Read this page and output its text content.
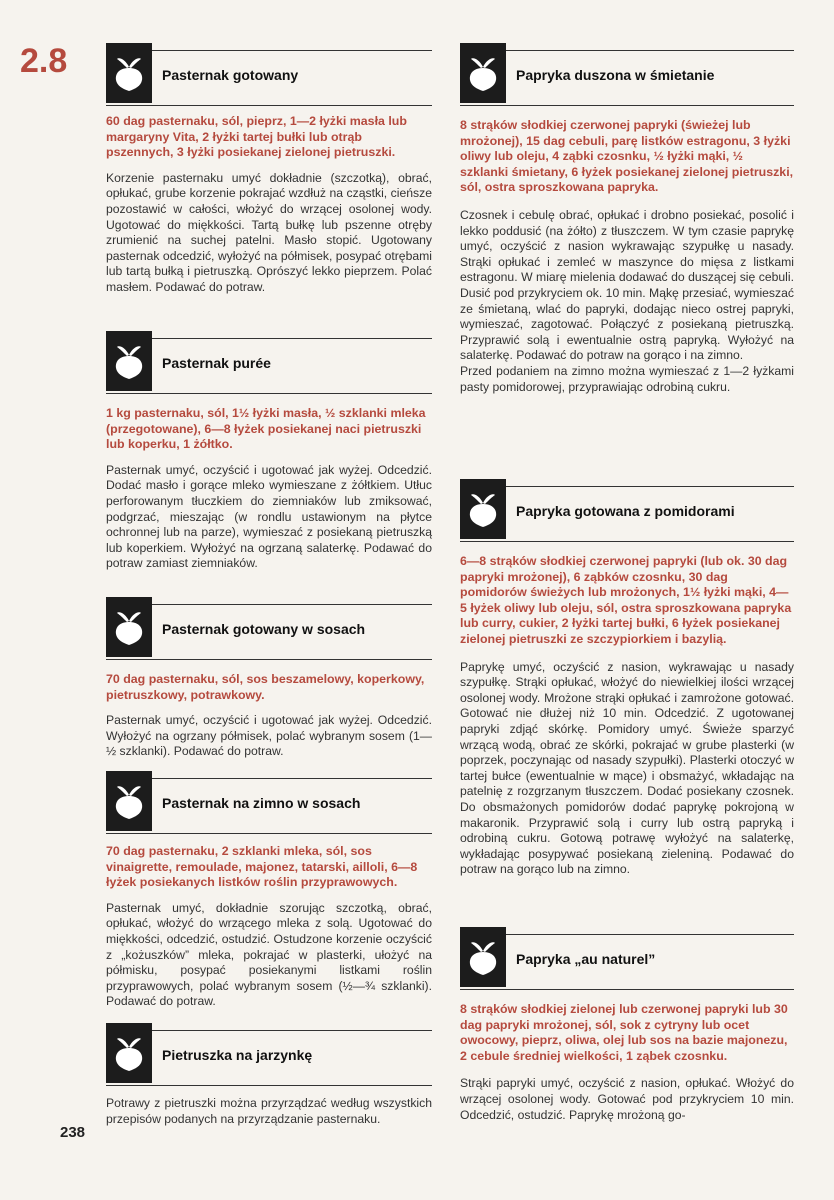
2.8
238
Pasternak gotowany

60 dag pasternaku, sól, pieprz, 1—2 łyżki masła lub margaryny Vita, 2 łyżki tartej bułki lub otrąb pszennych, 3 łyżki posiekanej zielonej pietruszki.

Korzenie pasternaku umyć dokładnie (szczotką), obrać, opłukać, grube korzenie pokrajać wzdłuż na cząstki, cieńsze pozostawić w całości, włożyć do wrzącej osolonej wody. Ugotować do miękkości. Tartą bułkę lub pszenne otręby zrumienić na suchej patelni. Masło stopić. Ugotowany pasternak odcedzić, wyłożyć na półmisek, posypać otrębami lub tartą bułką i pietruszką. Oprószyć lekko pieprzem. Polać masłem. Podawać do potraw.

Pasternak purée

1 kg pasternaku, sól, 1½ łyżki masła, ½ szklanki mleka (przegotowane), 6—8 łyżek posiekanej naci pietruszki lub koperku, 1 żółtko.

Pasternak umyć, oczyścić i ugotować jak wyżej. Odcedzić. Dodać masło i gorące mleko wymieszane z żółtkiem. Utłuc perforowanym tłuczkiem do ziemniaków lub zmiksować, podgrzać, mieszając (w rondlu ustawionym na płytce ochronnej lub na parze), wymieszać z posiekaną pietruszką lub koperkiem. Wyłożyć na ogrzaną salaterkę. Podawać do potraw zamiast ziemniaków.

Pasternak gotowany w sosach

70 dag pasternaku, sól, sos beszamelowy, koperkowy, pietruszkowy, potrawkowy.

Pasternak umyć, oczyścić i ugotować jak wyżej. Odcedzić. Wyłożyć na ogrzany półmisek, polać wybranym sosem (1—½ szklanki). Podawać do potraw.

Pasternak na zimno w sosach

70 dag pasternaku, 2 szklanki mleka, sól, sos vinaigrette, remoulade, majonez, tatarski, ailloli, 6—8 łyżek posiekanych listków roślin przyprawowych.

Pasternak umyć, dokładnie szorując szczotką, obrać, opłukać, włożyć do wrzącego mleka z solą. Ugotować do miękkości, odcedzić, ostudzić. Ostudzone korzenie oczyścić z „kożuszków” mleka, pokrajać w plasterki, ułożyć na półmisku, posypać posiekanymi listkami roślin przyprawowych, polać wybranym sosem (½—¾ szklanki). Podawać do potraw.

Pietruszka na jarzynkę

Potrawy z pietruszki można przyrządzać według wszystkich przepisów podanych na przyrządzanie pasternaku.

Papryka duszona w śmietanie

8 strąków słodkiej czerwonej papryki (świeżej lub mrożonej), 15 dag cebuli, parę listków estragonu, 3 łyżki oliwy lub oleju, 4 ząbki czosnku, ½ łyżki mąki, ½ szklanki śmietany, 6 łyżek posiekanej zielonej pietruszki, sól, ostra sproszkowana papryka.

Czosnek i cebulę obrać, opłukać i drobno posiekać, posolić i lekko poddusić (na żółto) z tłuszczem. W tym czasie paprykę umyć, oczyścić z nasion wykrawając szypułkę u nasady. Strąki opłukać i zemleć w maszynce do mięsa z listkami estragonu. W miarę mielenia dodawać do duszącej się cebuli. Dusić pod przykryciem ok. 10 min. Mąkę przesiać, wymieszać ze śmietaną, wlać do papryki, dodając nieco ostrej papryki, wymieszać, zagotować. Połączyć z posiekaną pietruszką. Przyprawić solą i ewentualnie ostrą papryką. Wyłożyć na salaterkę. Podawać do potraw na gorąco i na zimno.

Przed podaniem na zimno można wymieszać z 1—2 łyżkami pasty pomidorowej, przyprawiając odrobiną cukru.

Papryka gotowana z pomidorami

6—8 strąków słodkiej czerwonej papryki (lub ok. 30 dag papryki mrożonej), 6 ząbków czosnku, 30 dag pomidorów świeżych lub mrożonych, 1½ łyżki mąki, 4—5 łyżek oliwy lub oleju, sól, ostra sproszkowana papryka lub curry, cukier, 2 łyżki tartej bułki, 6 łyżek posiekanej zielonej pietruszki ze szczypiorkiem i bazylią.

Paprykę umyć, oczyścić z nasion, wykrawając u nasady szypułkę. Strąki opłukać, włożyć do niewielkiej ilości wrzącej osolonej wody. Mrożone strąki opłukać i zamrożone gotować. Gotować nie dłużej niż 10 min. Odcedzić. Z ugotowanej papryki zdjąć skórkę. Pomidory umyć. Świeże sparzyć wrzącą wodą, obrać ze skórki, pokrajać w grube plasterki (w poprzek, poczynając od nasady szypułki). Plasterki otoczyć w tartej bułce (ewentualnie w mące) i obsmażyć, wkładając na patelnię z rozgrzanym tłuszczem. Dodać posiekany czosnek. Do obsmażonych pomidorów dodać paprykę pokrojoną w makaronik. Przyprawić solą i curry lub ostrą papryką i odrobiną cukru. Gotową potrawę wyłożyć na salaterkę, wykładając posypywać posiekaną zieleniną. Podawać do potraw na gorąco lub na zimno.

Papryka „au naturel”

8 strąków słodkiej zielonej lub czerwonej papryki lub 30 dag papryki mrożonej, sól, sok z cytryny lub ocet owocowy, pieprz, oliwa, olej lub sos na bazie majonezu, 2 cebule średniej wielkości, 1 ząbek czosnku.

Strąki papryki umyć, oczyścić z nasion, opłukać. Włożyć do wrzącej osolonej wody. Gotować pod przykryciem 10 min. Odcedzić, ostudzić. Paprykę mrożoną go-
